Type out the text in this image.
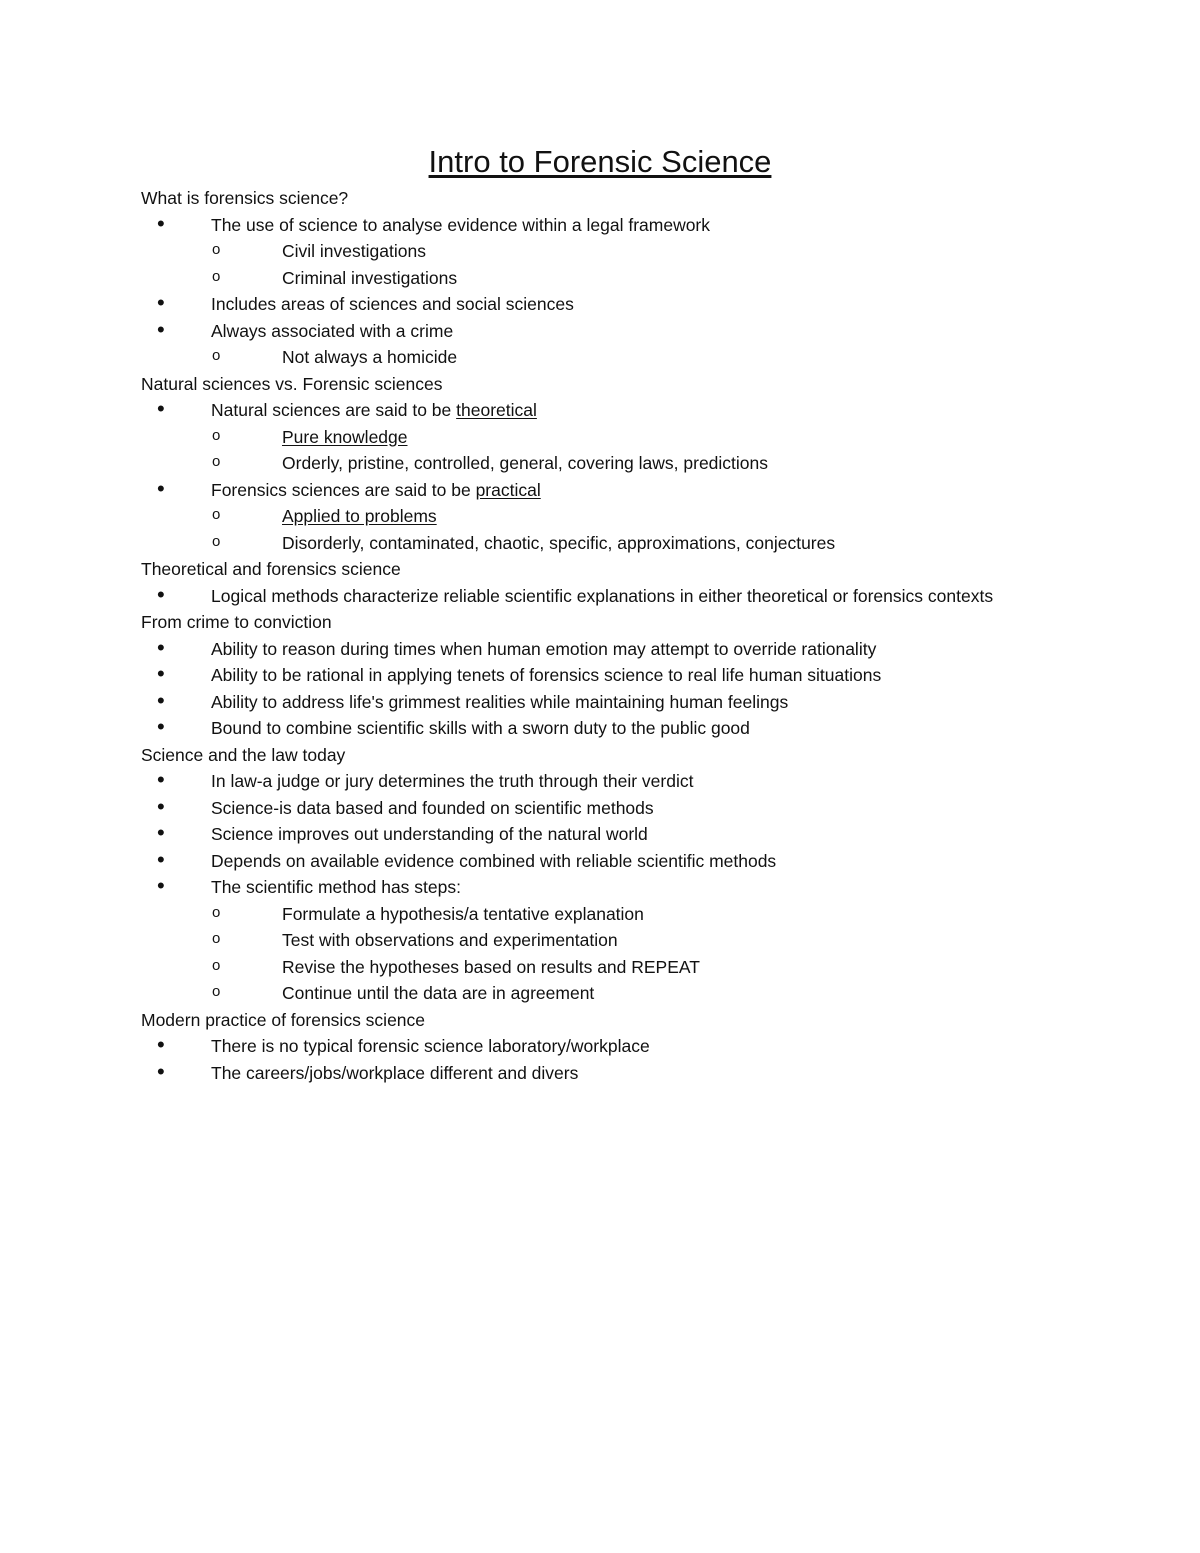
Intro to Forensic Science
What is forensics science?
•	The use of science to analyse evidence within a legal framework
o	Civil investigations
o	Criminal investigations
•	Includes areas of sciences and social sciences
•	Always associated with a crime
o	Not always a homicide
Natural sciences vs. Forensic sciences
•	Natural sciences are said to be theoretical
o	Pure knowledge
o	Orderly, pristine, controlled, general, covering laws, predictions
•	Forensics sciences are said to be practical
o	Applied to problems
o	Disorderly, contaminated, chaotic, specific, approximations, conjectures
Theoretical and forensics science
•	Logical methods characterize reliable scientific explanations in either theoretical or forensics contexts
From crime to conviction
•	Ability to reason during times when human emotion may attempt to override rationality
•	Ability to be rational in applying tenets of forensics science to real life human situations
•	Ability to address life's grimmest realities while maintaining human feelings
•	Bound to combine scientific skills with a sworn duty to the public good
Science and the law today
•	In law-a judge or jury determines the truth through their verdict
•	Science-is data based and founded on scientific methods
•	Science improves out understanding of the natural world
•	Depends on available evidence combined with reliable scientific methods
•	The scientific method has steps:
o	Formulate a hypothesis/a tentative explanation
o	Test with observations and experimentation
o	Revise the hypotheses based on results and REPEAT
o	Continue until the data are in agreement
Modern practice of forensics science
•	There is no typical forensic science laboratory/workplace
•	The careers/jobs/workplace different and divers
